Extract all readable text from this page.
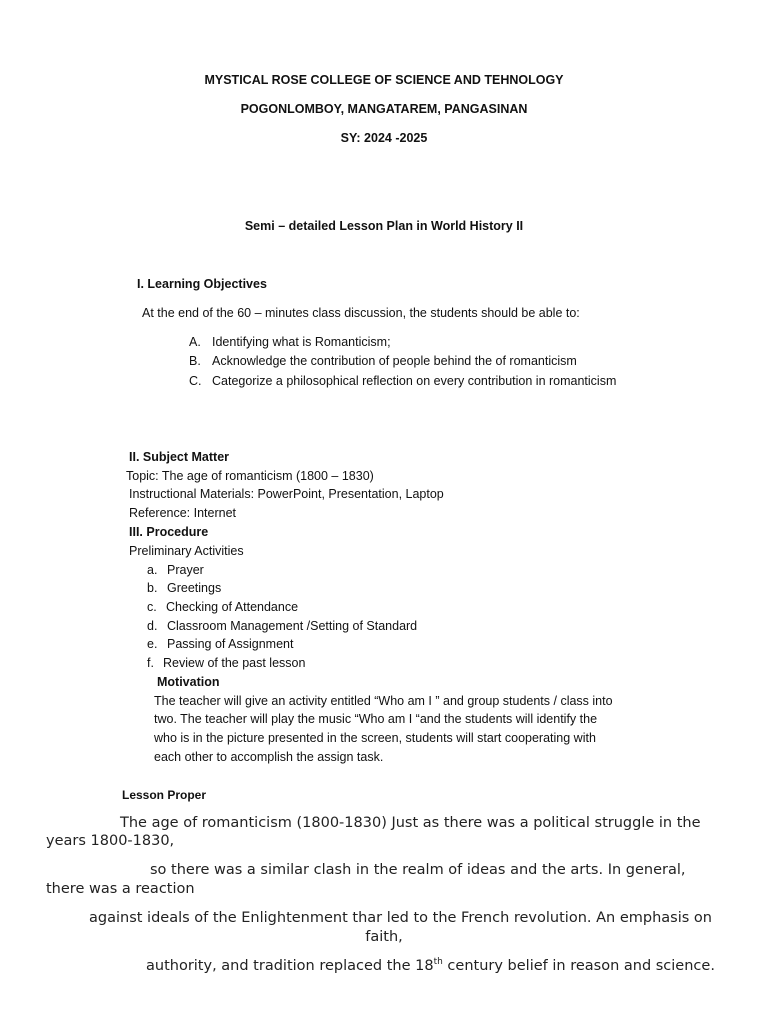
MYSTICAL ROSE COLLEGE OF SCIENCE AND TEHNOLOGY
POGONLOMBOY, MANGATAREM, PANGASINAN
SY: 2024 -2025
Semi – detailed Lesson Plan in World History II
I. Learning Objectives
At the end of the 60 – minutes class discussion, the students should be able to:
A. Identifying what is Romanticism;
B. Acknowledge the contribution of people behind the of romanticism
C. Categorize a philosophical reflection on every contribution in romanticism
II. Subject Matter
Topic: The age of romanticism (1800 – 1830)
Instructional Materials: PowerPoint, Presentation, Laptop
Reference: Internet
III. Procedure
Preliminary Activities
a. Prayer
b. Greetings
c. Checking of Attendance
d. Classroom Management /Setting of Standard
e. Passing of Assignment
f. Review of the past lesson
Motivation
The teacher will give an activity entitled “Who am I ” and group students / class into
two. The teacher will play the music “Who am I “and the students will identify the
who is in the picture presented in the screen, students will start cooperating with
each other to accomplish the assign task.
Lesson Proper
The age of romanticism (1800-1830) Just as there was a political struggle in the
years 1800-1830,
so there was a similar clash in the realm of ideas and the arts. In general,
there was a reaction
against ideals of the Enlightenment thar led to the French revolution. An emphasis on
faith,
authority, and tradition replaced the 18th century belief in reason and science.
